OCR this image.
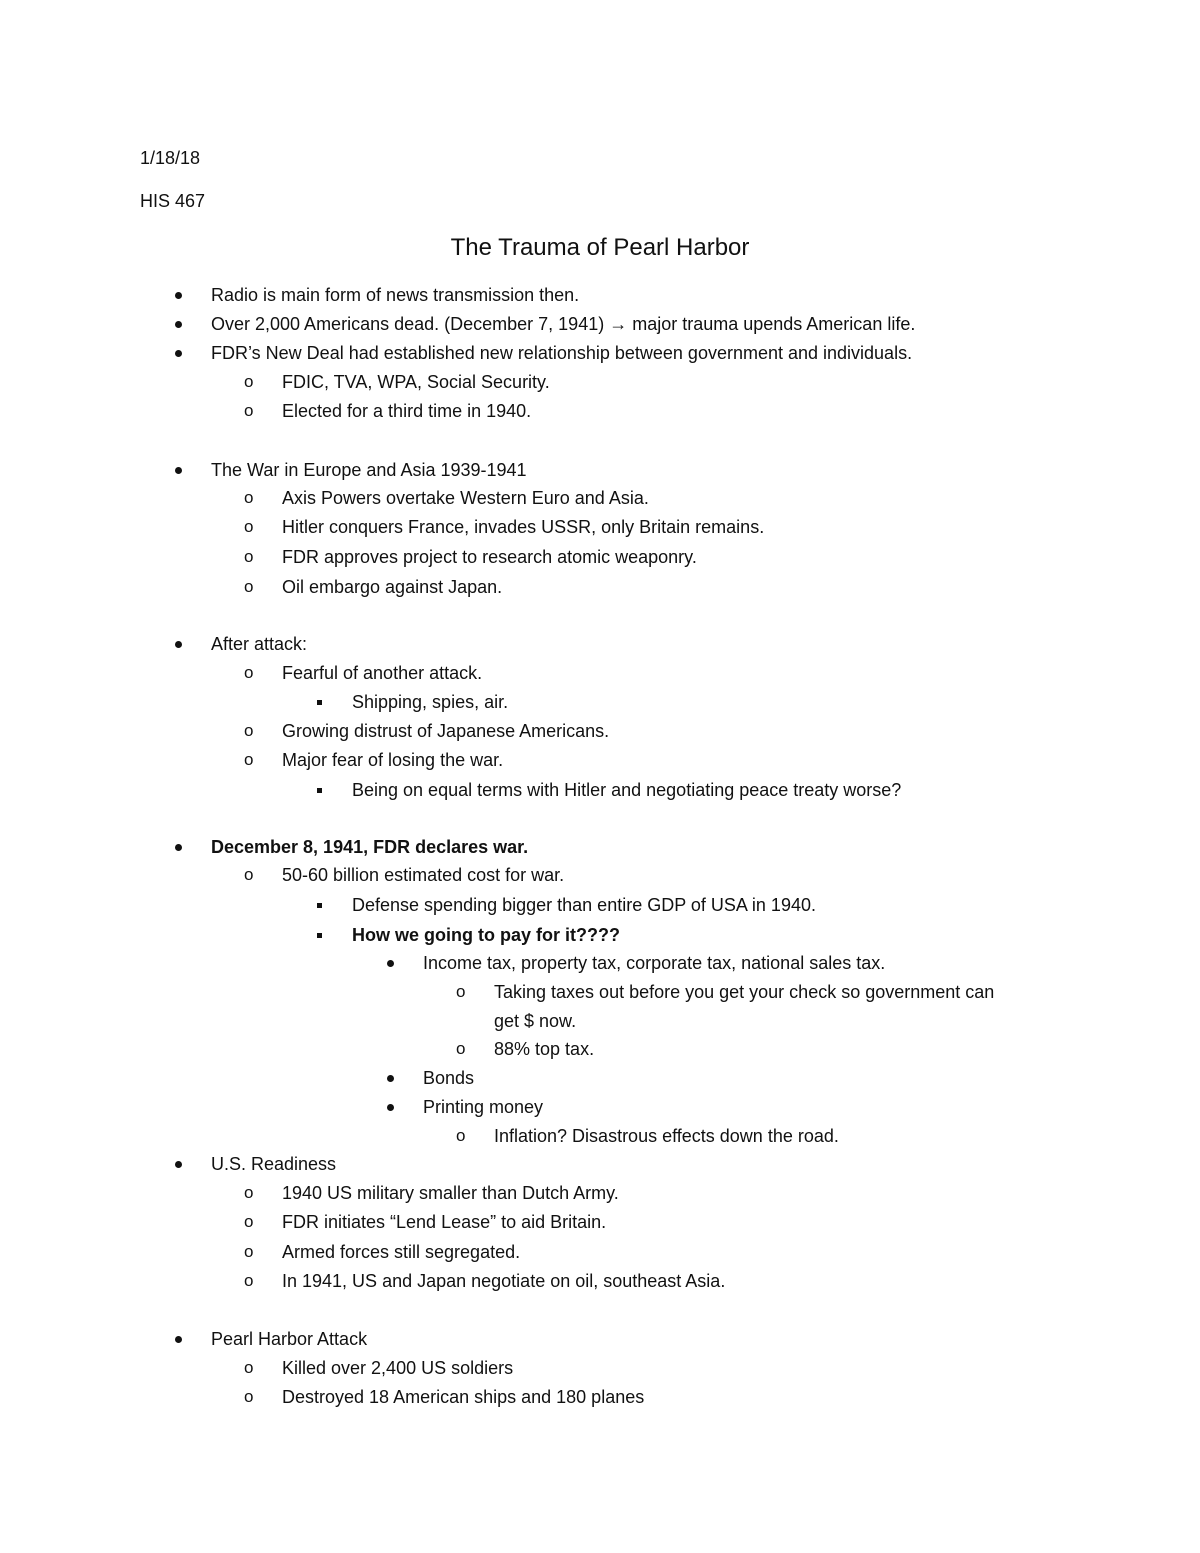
1/18/18
HIS 467
The Trauma of Pearl Harbor
Radio is main form of news transmission then.
Over 2,000 Americans dead. (December 7, 1941) → major trauma upends American life.
FDR’s New Deal had established new relationship between government and individuals.
o FDIC, TVA, WPA, Social Security.
o Elected for a third time in 1940.
The War in Europe and Asia 1939-1941
o Axis Powers overtake Western Euro and Asia.
o Hitler conquers France, invades USSR, only Britain remains.
o FDR approves project to research atomic weaponry.
o Oil embargo against Japan.
After attack:
o Fearful of another attack.
Shipping, spies, air.
o Growing distrust of Japanese Americans.
o Major fear of losing the war.
Being on equal terms with Hitler and negotiating peace treaty worse?
December 8, 1941, FDR declares war.
o 50-60 billion estimated cost for war.
Defense spending bigger than entire GDP of USA in 1940.
How we going to pay for it????
Income tax, property tax, corporate tax, national sales tax.
o Taking taxes out before you get your check so government can
get $ now.
o 88% top tax.
Bonds
Printing money
o Inflation? Disastrous effects down the road.
U.S. Readiness
o 1940 US military smaller than Dutch Army.
o FDR initiates “Lend Lease” to aid Britain.
o Armed forces still segregated.
o In 1941, US and Japan negotiate on oil, southeast Asia.
Pearl Harbor Attack
o Killed over 2,400 US soldiers
o Destroyed 18 American ships and 180 planes
